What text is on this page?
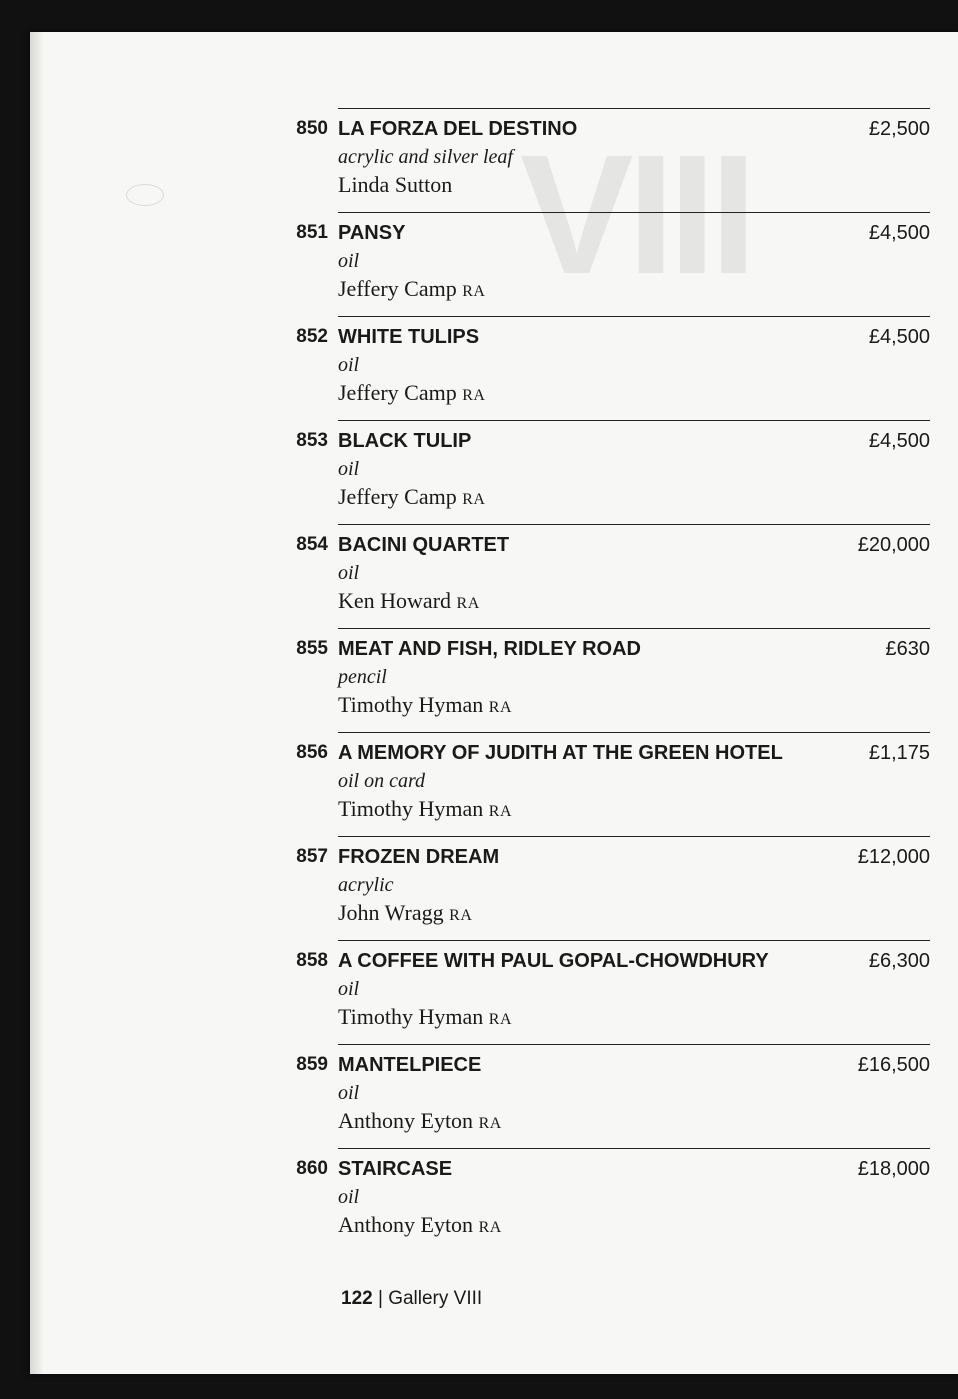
VIII
850 LA FORZA DEL DESTINO	£2,500
acrylic and silver leaf
Linda Sutton
851 PANSY	£4,500
oil
Jeffery Camp RA
852 WHITE TULIPS	£4,500
oil
Jeffery Camp RA
853 BLACK TULIP	£4,500
oil
Jeffery Camp RA
854 BACINI QUARTET	£20,000
oil
Ken Howard RA
855 MEAT AND FISH, RIDLEY ROAD	£630
pencil
Timothy Hyman RA
856 A MEMORY OF JUDITH AT THE GREEN HOTEL	£1,175
oil on card
Timothy Hyman RA
857 FROZEN DREAM	£12,000
acrylic
John Wragg RA
858 A COFFEE WITH PAUL GOPAL-CHOWDHURY	£6,300
oil
Timothy Hyman RA
859 MANTELPIECE	£16,500
oil
Anthony Eyton RA
860 STAIRCASE	£18,000
oil
Anthony Eyton RA
122 | Gallery VIII
